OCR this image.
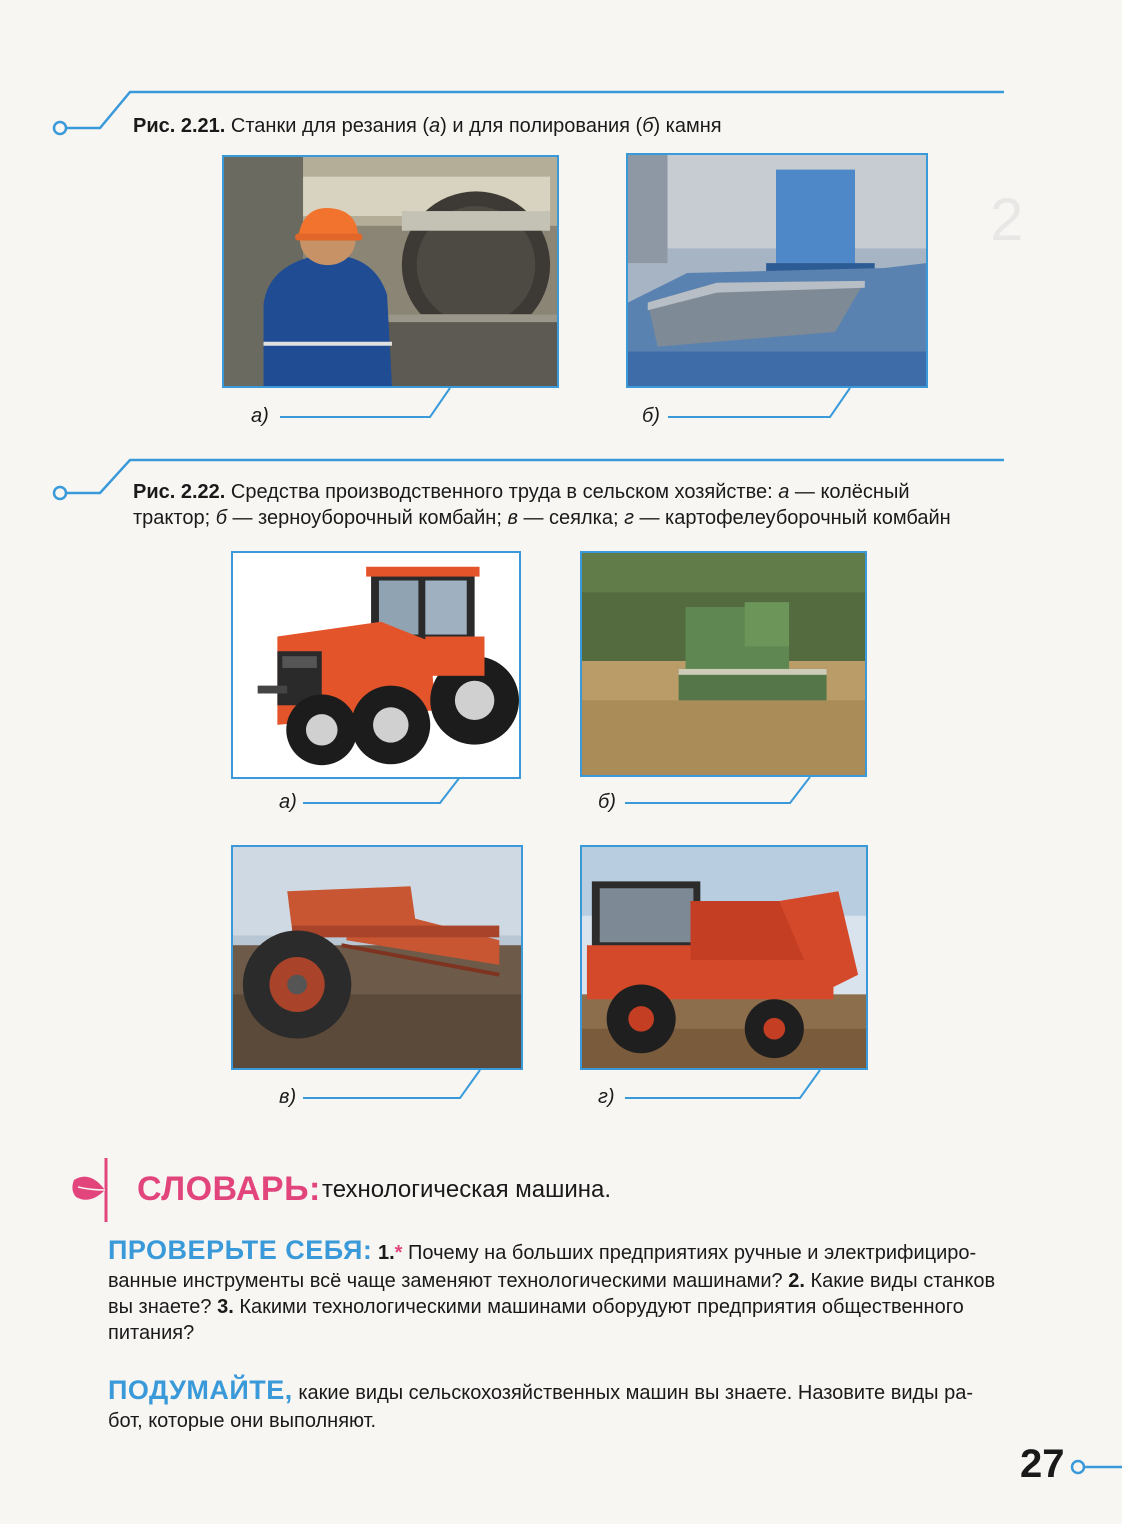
2
Рис. 2.21. Станки для резания (а) и для полирования (б) камня
а)	б)
Рис. 2.22. Средства производственного труда в сельском хозяйстве: а — колёсный
трактор; б — зерноуборочный комбайн; в — сеялка; г — картофелеуборочный комбайн
а)	б)
в)	г)
СЛОВАРЬ: технологическая машина.
ПРОВЕРЬТЕ СЕБЯ: 1.* Почему на больших предприятиях ручные и электрифициро-
ванные инструменты всё чаще заменяют технологическими машинами? 2. Какие виды станков
вы знаете? 3. Какими технологическими машинами оборудуют предприятия общественного
питания?
ПОДУМАЙТЕ, какие виды сельскохозяйственных машин вы знаете. Назовите виды ра-
бот, которые они выполняют.
27
